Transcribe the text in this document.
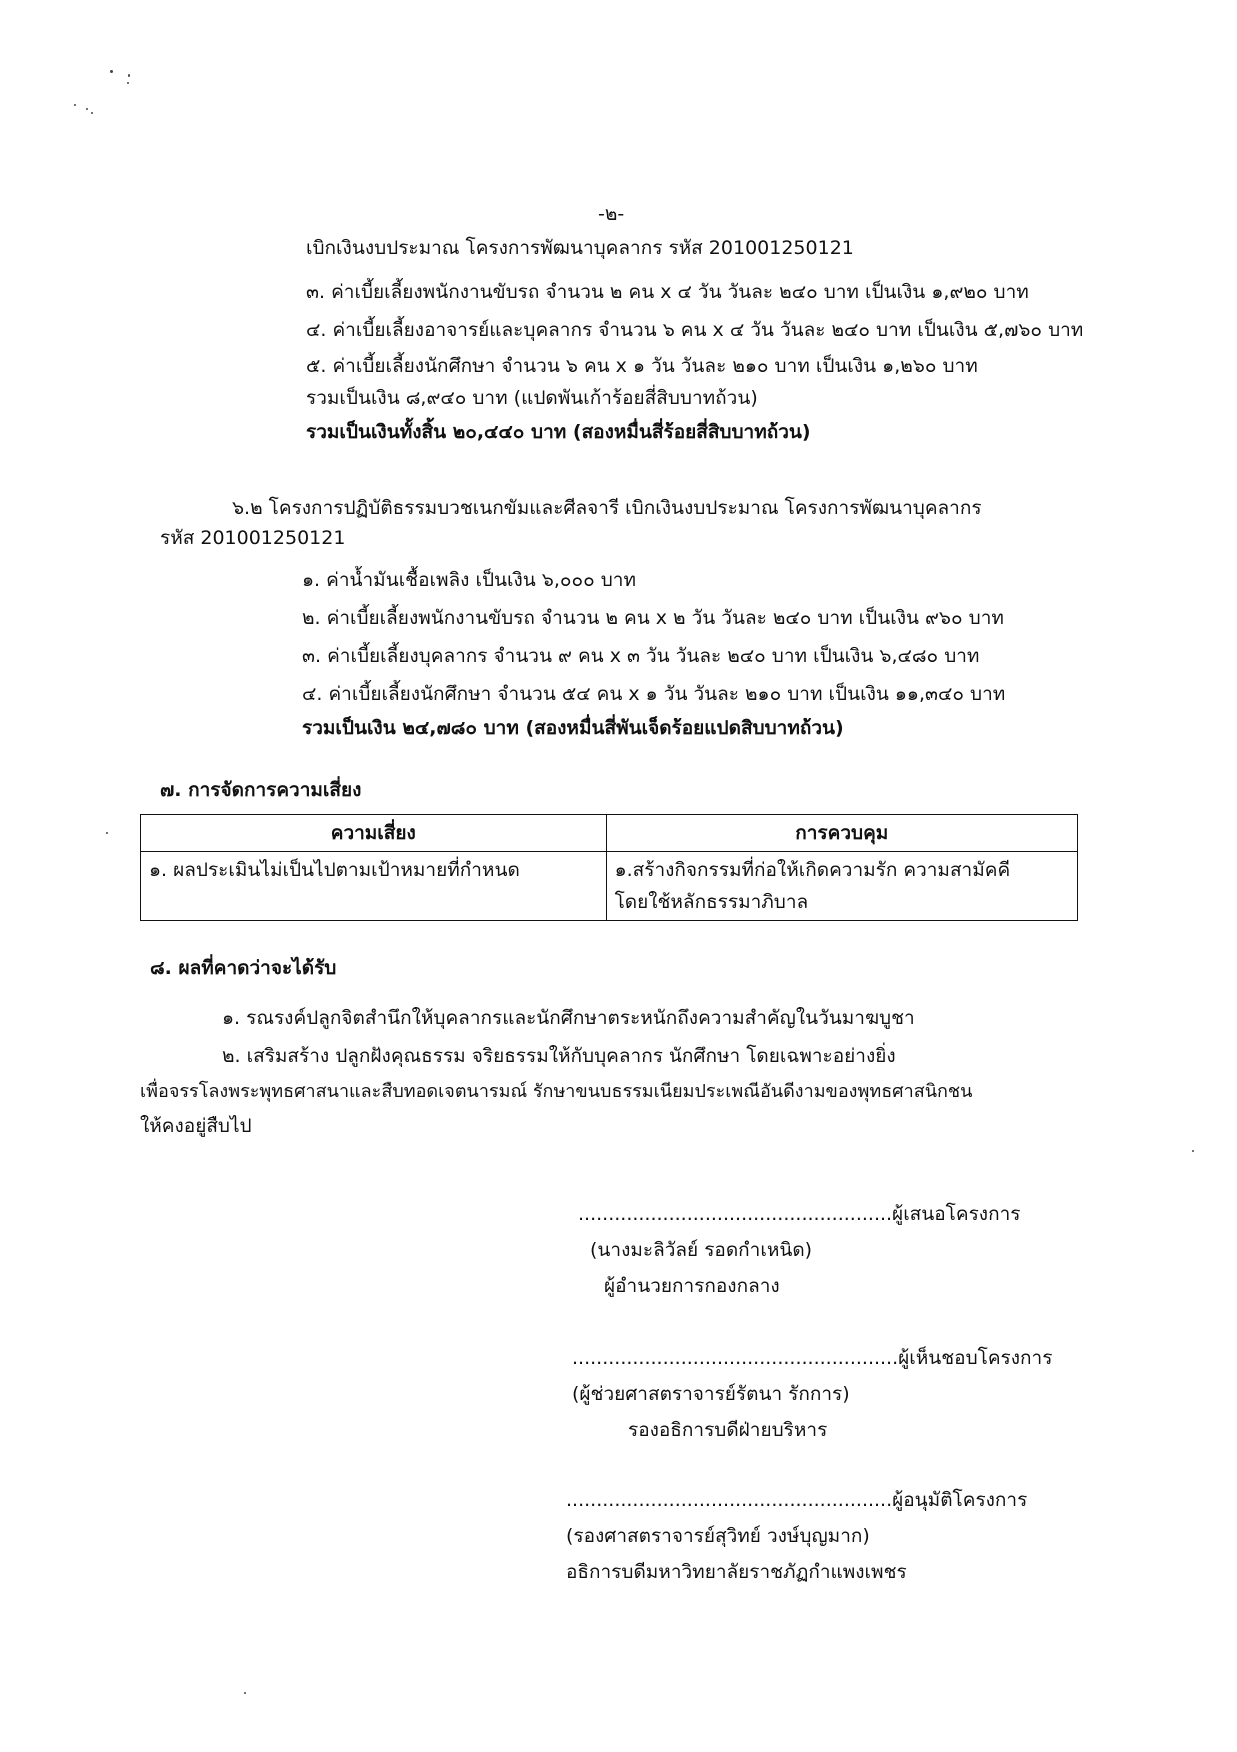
-๒-
เบิกเงินงบประมาณ โครงการพัฒนาบุคลากร รหัส 201001250121
๓. ค่าเบี้ยเลี้ยงพนักงานขับรถ จำนวน ๒ คน x ๔ วัน วันละ ๒๔๐ บาท เป็นเงิน ๑,๙๒๐ บาท
๔. ค่าเบี้ยเลี้ยงอาจารย์และบุคลากร จำนวน ๖ คน x ๔ วัน วันละ ๒๔๐ บาท เป็นเงิน ๕,๗๖๐ บาท
๕. ค่าเบี้ยเลี้ยงนักศึกษา จำนวน ๖ คน x ๑ วัน วันละ ๒๑๐ บาท เป็นเงิน ๑,๒๖๐ บาท
รวมเป็นเงิน ๘,๙๔๐ บาท (แปดพันเก้าร้อยสี่สิบบาทถ้วน)
รวมเป็นเงินทั้งสิ้น ๒๐,๔๔๐ บาท (สองหมื่นสี่ร้อยสี่สิบบาทถ้วน)
๖.๒ โครงการปฏิบัติธรรมบวชเนกขัมและศีลจารี เบิกเงินงบประมาณ โครงการพัฒนาบุคลากร
รหัส 201001250121
๑. ค่าน้ำมันเชื้อเพลิง เป็นเงิน ๖,๐๐๐ บาท
๒. ค่าเบี้ยเลี้ยงพนักงานขับรถ จำนวน ๒ คน x ๒ วัน วันละ ๒๔๐ บาท เป็นเงิน ๙๖๐ บาท
๓. ค่าเบี้ยเลี้ยงบุคลากร จำนวน ๙ คน x ๓ วัน วันละ ๒๔๐ บาท เป็นเงิน ๖,๔๘๐ บาท
๔. ค่าเบี้ยเลี้ยงนักศึกษา จำนวน ๕๔ คน x ๑ วัน วันละ ๒๑๐ บาท เป็นเงิน ๑๑,๓๔๐ บาท
รวมเป็นเงิน ๒๔,๗๘๐ บาท (สองหมื่นสี่พันเจ็ดร้อยแปดสิบบาทถ้วน)
๗. การจัดการความเสี่ยง
ความเสี่ยง	การควบคุม
๑. ผลประเมินไม่เป็นไปตามเป้าหมายที่กำหนด	๑.สร้างกิจกรรมที่ก่อให้เกิดความรัก ความสามัคคี
โดยใช้หลักธรรมาภิบาล
๘. ผลที่คาดว่าจะได้รับ
๑. รณรงค์ปลูกจิตสำนึกให้บุคลากรและนักศึกษาตระหนักถึงความสำคัญในวันมาฆบูชา
๒. เสริมสร้าง ปลูกฝังคุณธรรม จริยธรรมให้กับบุคลากร นักศึกษา โดยเฉพาะอย่างยิ่ง
เพื่อจรรโลงพระพุทธศาสนาและสืบทอดเจตนารมณ์ รักษาขนบธรรมเนียมประเพณีอันดีงามของพุทธศาสนิกชน
ให้คงอยู่สืบไป
....................................................ผู้เสนอโครงการ
(นางมะลิวัลย์ รอดกำเหนิด)
ผู้อำนวยการกองกลาง
......................................................ผู้เห็นชอบโครงการ
(ผู้ช่วยศาสตราจารย์รัตนา รักการ)
รองอธิการบดีฝ่ายบริหาร
......................................................ผู้อนุมัติโครงการ
(รองศาสตราจารย์สุวิทย์ วงษ์บุญมาก)
อธิการบดีมหาวิทยาลัยราชภัฏกำแพงเพชร
